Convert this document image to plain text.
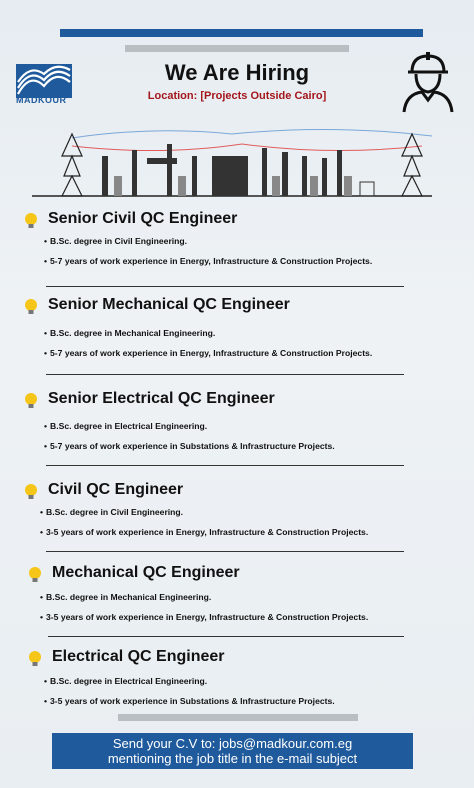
MADKOUR
We Are Hiring
Location: [Projects Outside Cairo]
Senior Civil QC Engineer
• B.Sc. degree in Civil Engineering.
• 5-7 years of work experience in Energy, Infrastructure & Construction Projects.
Senior Mechanical QC Engineer
• B.Sc. degree in Mechanical Engineering.
• 5-7 years of work experience in Energy, Infrastructure & Construction Projects.
Senior Electrical QC Engineer
• B.Sc. degree in Electrical Engineering.
• 5-7 years of work experience in Substations & Infrastructure Projects.
Civil QC Engineer
• B.Sc. degree in Civil Engineering.
• 3-5 years of work experience in Energy, Infrastructure & Construction Projects.
Mechanical QC Engineer
• B.Sc. degree in Mechanical Engineering.
• 3-5 years of work experience in Energy, Infrastructure & Construction Projects.
Electrical QC Engineer
• B.Sc. degree in Electrical Engineering.
• 3-5 years of work experience in Substations & Infrastructure Projects.
Send your C.V to: jobs@madkour.com.eg
mentioning the job title in the e-mail subject
